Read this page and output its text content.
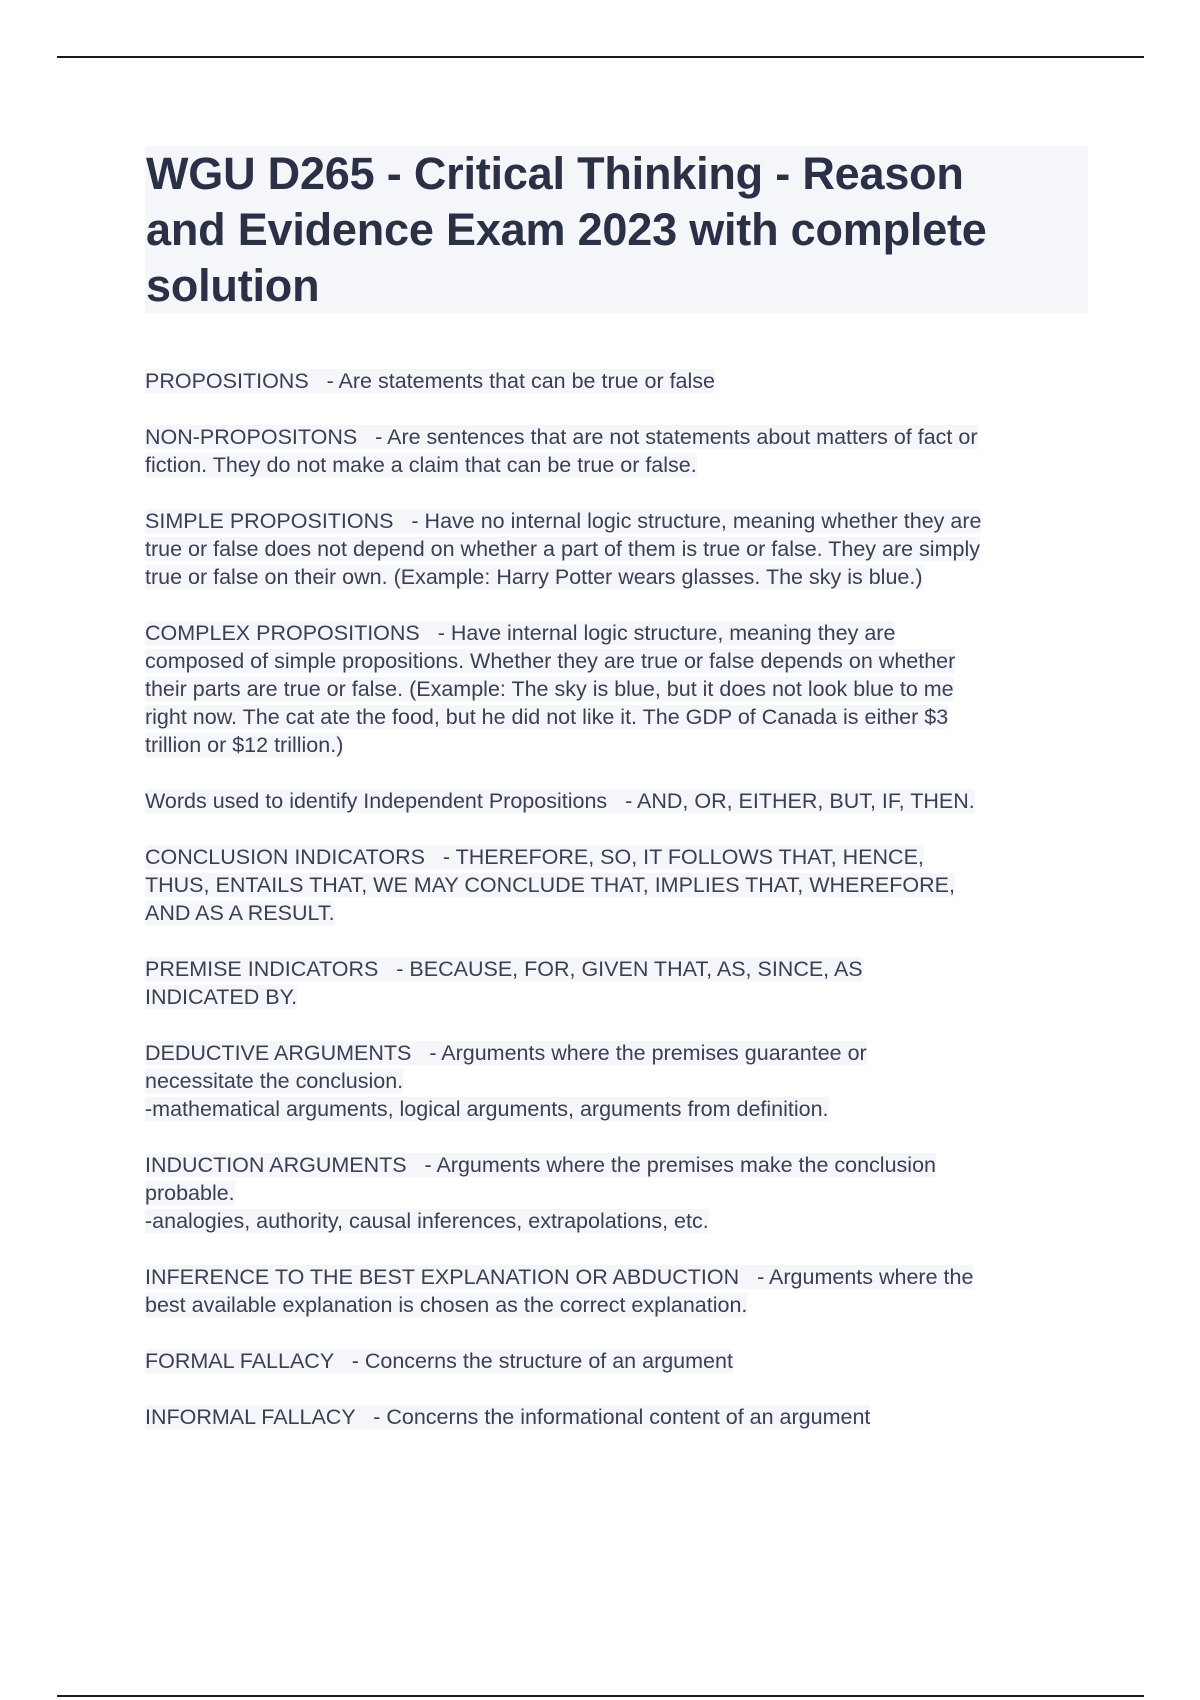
WGU D265 - Critical Thinking - Reason
and Evidence Exam 2023 with complete
solution

PROPOSITIONS - Are statements that can be true or false

NON-PROPOSITONS - Are sentences that are not statements about matters of fact or
fiction. They do not make a claim that can be true or false.

SIMPLE PROPOSITIONS - Have no internal logic structure, meaning whether they are
true or false does not depend on whether a part of them is true or false. They are simply
true or false on their own. (Example: Harry Potter wears glasses. The sky is blue.)

COMPLEX PROPOSITIONS - Have internal logic structure, meaning they are
composed of simple propositions. Whether they are true or false depends on whether
their parts are true or false. (Example: The sky is blue, but it does not look blue to me
right now. The cat ate the food, but he did not like it. The GDP of Canada is either $3
trillion or $12 trillion.)

Words used to identify Independent Propositions - AND, OR, EITHER, BUT, IF, THEN.

CONCLUSION INDICATORS - THEREFORE, SO, IT FOLLOWS THAT, HENCE,
THUS, ENTAILS THAT, WE MAY CONCLUDE THAT, IMPLIES THAT, WHEREFORE,
AND AS A RESULT.

PREMISE INDICATORS - BECAUSE, FOR, GIVEN THAT, AS, SINCE, AS
INDICATED BY.

DEDUCTIVE ARGUMENTS - Arguments where the premises guarantee or
necessitate the conclusion.
-mathematical arguments, logical arguments, arguments from definition.

INDUCTION ARGUMENTS - Arguments where the premises make the conclusion
probable.
-analogies, authority, causal inferences, extrapolations, etc.

INFERENCE TO THE BEST EXPLANATION OR ABDUCTION - Arguments where the
best available explanation is chosen as the correct explanation.

FORMAL FALLACY - Concerns the structure of an argument

INFORMAL FALLACY - Concerns the informational content of an argument
